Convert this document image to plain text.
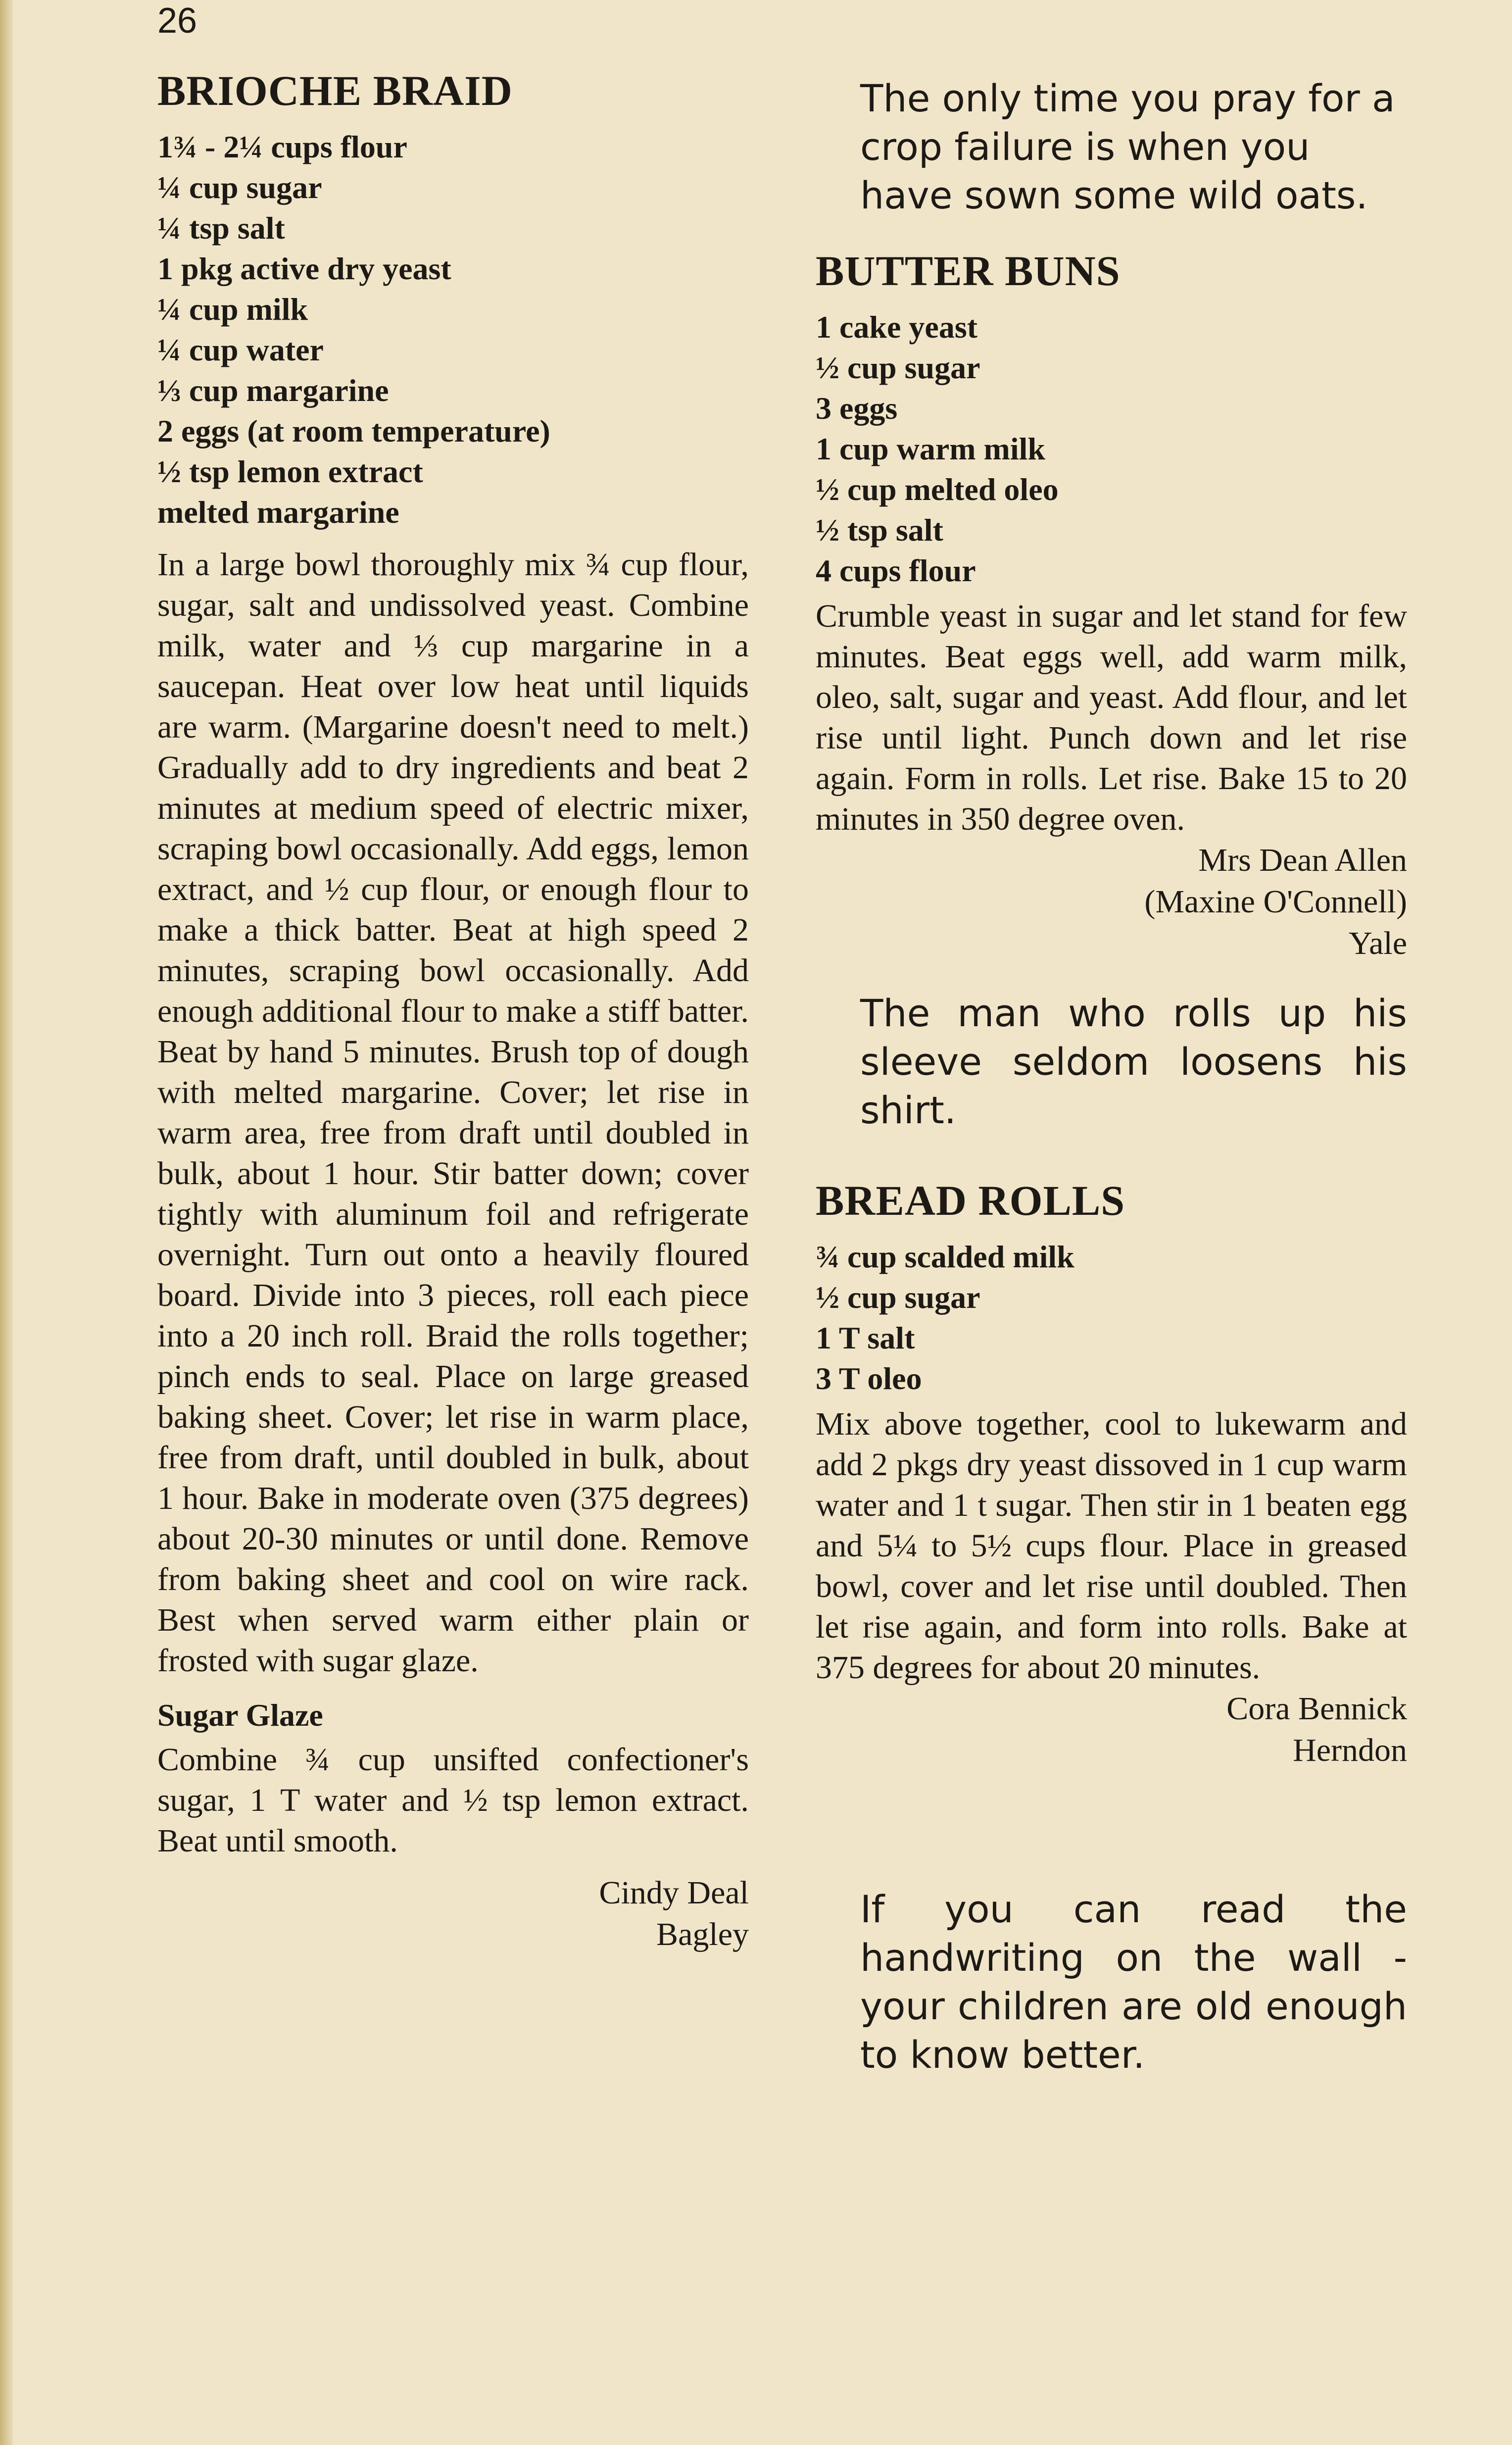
26
BRIOCHE BRAID
1¾ - 2¼ cups flour
¼ cup sugar
¼ tsp salt
1 pkg active dry yeast
¼ cup milk
¼ cup water
⅓ cup margarine
2 eggs (at room temperature)
½ tsp lemon extract
melted margarine

In a large bowl thoroughly mix ¾ cup flour, sugar, salt and undissolved yeast. Combine milk, water and ⅓ cup margarine in a saucepan. Heat over low heat until liquids are warm. (Margarine doesn't need to melt.) Gradually add to dry ingredients and beat 2 minutes at medium speed of electric mixer, scraping bowl occasionally. Add eggs, lemon extract, and ½ cup flour, or enough flour to make a thick batter. Beat at high speed 2 minutes, scraping bowl occasionally. Add enough additional flour to make a stiff batter. Beat by hand 5 minutes. Brush top of dough with melted margarine. Cover; let rise in warm area, free from draft until doubled in bulk, about 1 hour. Stir batter down; cover tightly with aluminum foil and refrigerate overnight. Turn out onto a heavily floured board. Divide into 3 pieces, roll each piece into a 20 inch roll. Braid the rolls together; pinch ends to seal. Place on large greased baking sheet. Cover; let rise in warm place, free from draft, until doubled in bulk, about 1 hour. Bake in moderate oven (375 degrees) about 20-30 minutes or until done. Remove from baking sheet and cool on wire rack. Best when served warm either plain or frosted with sugar glaze.

Sugar Glaze

Combine ¾ cup unsifted confectioner's sugar, 1 T water and ½ tsp lemon extract. Beat until smooth.

Cindy Deal
Bagley

The only time you pray for a crop failure is when you have sown some wild oats.

BUTTER BUNS
1 cake yeast
½ cup sugar
3 eggs
1 cup warm milk
½ cup melted oleo
½ tsp salt
4 cups flour

Crumble yeast in sugar and let stand for few minutes. Beat eggs well, add warm milk, oleo, salt, sugar and yeast. Add flour, and let rise until light. Punch down and let rise again. Form in rolls. Let rise. Bake 15 to 20 minutes in 350 degree oven.

Mrs Dean Allen
(Maxine O'Connell)
Yale

The man who rolls up his sleeve seldom loosens his shirt.

BREAD ROLLS
¾ cup scalded milk
½ cup sugar
1 T salt
3 T oleo

Mix above together, cool to lukewarm and add 2 pkgs dry yeast dissoved in 1 cup warm water and 1 t sugar. Then stir in 1 beaten egg and 5¼ to 5½ cups flour. Place in greased bowl, cover and let rise until doubled. Then let rise again, and form into rolls. Bake at 375 degrees for about 20 minutes.

Cora Bennick
Herndon

If you can read the handwriting on the wall - your children are old enough to know better.
